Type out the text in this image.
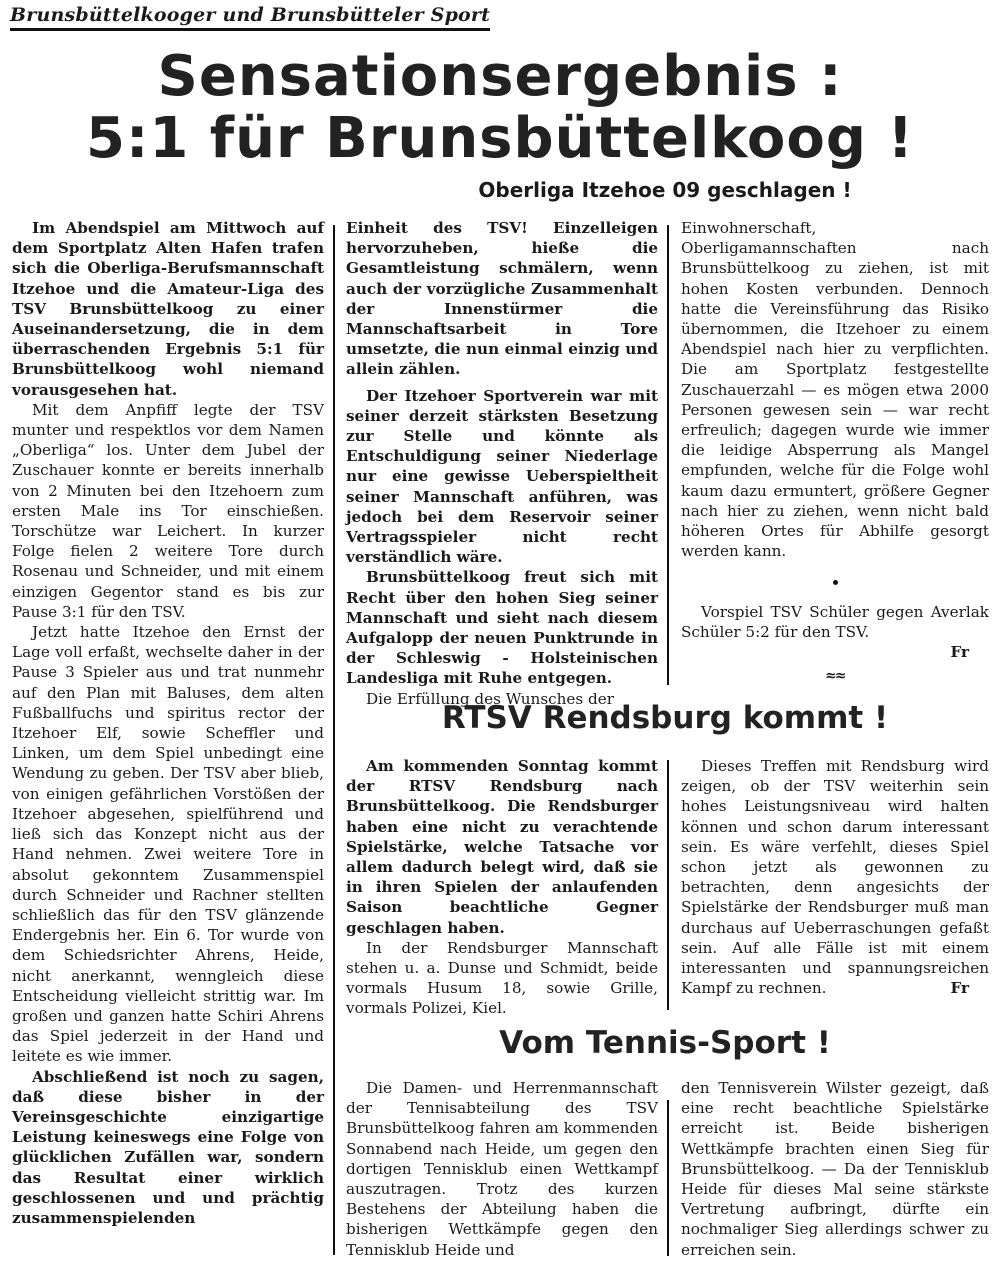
Brunsbüttelkooger und Brunsbütteler Sport
Sensationsergebnis :
5:1 für Brunsbüttelkoog !
Oberliga Itzehoe 09 geschlagen !

Im Abendspiel am Mittwoch auf dem Sportplatz Alten Hafen trafen sich die Oberliga-Berufsmannschaft Itzehoe und die Amateur-Liga des TSV Brunsbüttelkoog zu einer Auseinandersetzung, die in dem überraschenden Ergebnis 5:1 für Brunsbüttelkoog wohl niemand vorausgesehen hat.

Mit dem Anpfiff legte der TSV munter und respektlos vor dem Namen „Oberliga“ los. Unter dem Jubel der Zuschauer konnte er bereits innerhalb von 2 Minuten bei den Itzehoern zum ersten Male ins Tor einschießen. Torschütze war Leichert. In kurzer Folge fielen 2 weitere Tore durch Rosenau und Schneider, und mit einem einzigen Gegentor stand es bis zur Pause 3:1 für den TSV.

Jetzt hatte Itzehoe den Ernst der Lage voll erfaßt, wechselte daher in der Pause 3 Spieler aus und trat nunmehr auf den Plan mit Baluses, dem alten Fußballfuchs und spiritus rector der Itzehoer Elf, sowie Scheffler und Linken, um dem Spiel unbedingt eine Wendung zu geben. Der TSV aber blieb, von einigen gefährlichen Vorstößen der Itzehoer abgesehen, spielführend und ließ sich das Konzept nicht aus der Hand nehmen. Zwei weitere Tore in absolut gekonntem Zusammenspiel durch Schneider und Rachner stellten schließlich das für den TSV glänzende Endergebnis her. Ein 6. Tor wurde von dem Schiedsrichter Ahrens, Heide, nicht anerkannt, wenngleich diese Entscheidung vielleicht strittig war. Im großen und ganzen hatte Schiri Ahrens das Spiel jederzeit in der Hand und leitete es wie immer.

Abschließend ist noch zu sagen, daß diese bisher in der Vereinsgeschichte einzigartige Leistung keineswegs eine Folge von glücklichen Zufällen war, sondern das Resultat einer wirklich geschlossenen und und prächtig zusammenspielenden

Einheit des TSV! Einzelleigen hervorzuheben, hieße die Gesamtleistung schmälern, wenn auch der vorzügliche Zusammenhalt der Innenstürmer die Mannschaftsarbeit in Tore umsetzte, die nun einmal einzig und allein zählen.

Der Itzehoer Sportverein war mit seiner derzeit stärksten Besetzung zur Stelle und könnte als Entschuldigung seiner Niederlage nur eine gewisse Ueberspieltheit seiner Mannschaft anführen, was jedoch bei dem Reservoir seiner Vertragsspieler nicht recht verständlich wäre.

Brunsbüttelkoog freut sich mit Recht über den hohen Sieg seiner Mannschaft und sieht nach diesem Aufgalopp der neuen Punktrunde in der Schleswig - Holsteinischen Landesliga mit Ruhe entgegen.

Die Erfüllung des Wunsches der

Einwohnerschaft, Oberligamannschaften nach Brunsbüttelkoog zu ziehen, ist mit hohen Kosten verbunden. Dennoch hatte die Vereinsführung das Risiko übernommen, die Itzehoer zu einem Abendspiel nach hier zu verpflichten. Die am Sportplatz festgestellte Zuschauerzahl — es mögen etwa 2000 Personen gewesen sein — war recht erfreulich; dagegen wurde wie immer die leidige Absperrung als Mangel empfunden, welche für die Folge wohl kaum dazu ermuntert, größere Gegner nach hier zu ziehen, wenn nicht bald höheren Ortes für Abhilfe gesorgt werden kann.

Vorspiel TSV Schüler gegen Averlak Schüler 5:2 für den TSV.

Fr

≈≈
RTSV Rendsburg kommt !

Am kommenden Sonntag kommt der RTSV Rendsburg nach Brunsbüttelkoog. Die Rendsburger haben eine nicht zu verachtende Spielstärke, welche Tatsache vor allem dadurch belegt wird, daß sie in ihren Spielen der anlaufenden Saison beachtliche Gegner geschlagen haben.

In der Rendsburger Mannschaft stehen u. a. Dunse und Schmidt, beide vormals Husum 18, sowie Grille, vormals Polizei, Kiel.

Dieses Treffen mit Rendsburg wird zeigen, ob der TSV weiterhin sein hohes Leistungsniveau wird halten können und schon darum interessant sein. Es wäre verfehlt, dieses Spiel schon jetzt als gewonnen zu betrachten, denn angesichts der Spielstärke der Rendsburger muß man durchaus auf Ueberraschungen gefaßt sein. Auf alle Fälle ist mit einem interessanten und spannungsreichen Kampf zu rechnen.	Fr

Vom Tennis-Sport !

Die Damen- und Herrenmannschaft der Tennisabteilung des TSV Brunsbüttelkoog fahren am kommenden Sonnabend nach Heide, um gegen den dortigen Tennisklub einen Wettkampf auszutragen. Trotz des kurzen Bestehens der Abteilung haben die bisherigen Wettkämpfe gegen den Tennisklub Heide und

den Tennisverein Wilster gezeigt, daß eine recht beachtliche Spielstärke erreicht ist. Beide bisherigen Wettkämpfe brachten einen Sieg für Brunsbüttelkoog. — Da der Tennisklub Heide für dieses Mal seine stärkste Vertretung aufbringt, dürfte ein nochmaliger Sieg allerdings schwer zu erreichen sein.
